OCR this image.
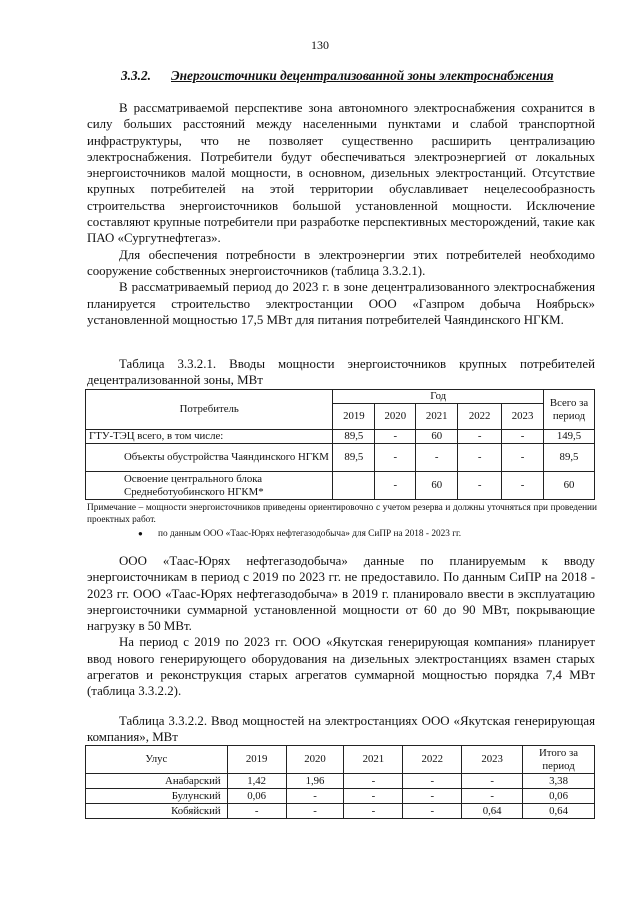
130
3.3.2. Энергоисточники децентрализованной зоны электроснабжения

В рассматриваемой перспективе зона автономного электроснабжения сохранится в силу больших расстояний между населенными пунктами и слабой транспортной инфраструктуры, что не позволяет существенно расширить централизацию электроснабжения. Потребители будут обеспечиваться электроэнергией от локальных энергоисточников малой мощности, в основном, дизельных электростанций. Отсутствие крупных потребителей на этой территории обуславливает нецелесообразность строительства энергоисточников большой установленной мощности. Исключение составляют крупные потребители при разработке перспективных месторождений, такие как ПАО «Сургутнефтегаз».

Для обеспечения потребности в электроэнергии этих потребителей необходимо сооружение собственных энергоисточников (таблица 3.3.2.1).

В рассматриваемый период до 2023 г. в зоне децентрализованного электроснабжения планируется строительство электростанции ООО «Газпром добыча Ноябрьск» установленной мощностью 17,5 МВт для питания потребителей Чаяндинского НГКМ.

Таблица 3.3.2.1. Вводы мощности энергоисточников крупных потребителей децентрализованной зоны, МВт
Потребитель	Год					Всего за период
	2019	2020	2021	2022	2023	
ГТУ-ТЭЦ всего, в том числе:	89,5	-	60	-	-	149,5
Объекты обустройства Чаяндинского НГКМ	89,5	-	-	-	-	89,5
Освоение центрального блока Среднеботуобинского НГКМ*		-	60	-	-	60
Примечание – мощности энергоисточников приведены ориентировочно с учетом резерва и должны уточняться при проведении проектных работ.
● по данным ООО «Таас-Юрях нефтегазодобыча» для СиПР на 2018 - 2023 гг.

ООО «Таас-Юрях нефтегазодобыча» данные по планируемым к вводу энергоисточникам в период с 2019 по 2023 гг. не предоставило. По данным СиПР на 2018 - 2023 гг. ООО «Таас-Юрях нефтегазодобыча» в 2019 г. планировало ввести в эксплуатацию энергоисточники суммарной установленной мощности от 60 до 90 МВт, покрывающие нагрузку в 50 МВт.

На период с 2019 по 2023 гг. ООО «Якутская генерирующая компания» планирует ввод нового генерирующего оборудования на дизельных электростанциях взамен старых агрегатов и реконструкция старых агрегатов суммарной мощностью порядка 7,4 МВт (таблица 3.3.2.2).

Таблица 3.3.2.2. Ввод мощностей на электростанциях ООО «Якутская генерирующая компания», МВт
Улус	2019	2020	2021	2022	2023	Итого за период
Анабарский	1,42	1,96	-	-	-	3,38
Булунский	0,06	-	-	-	-	0,06
Кобяйский	-	-	-	-	0,64	0,64
